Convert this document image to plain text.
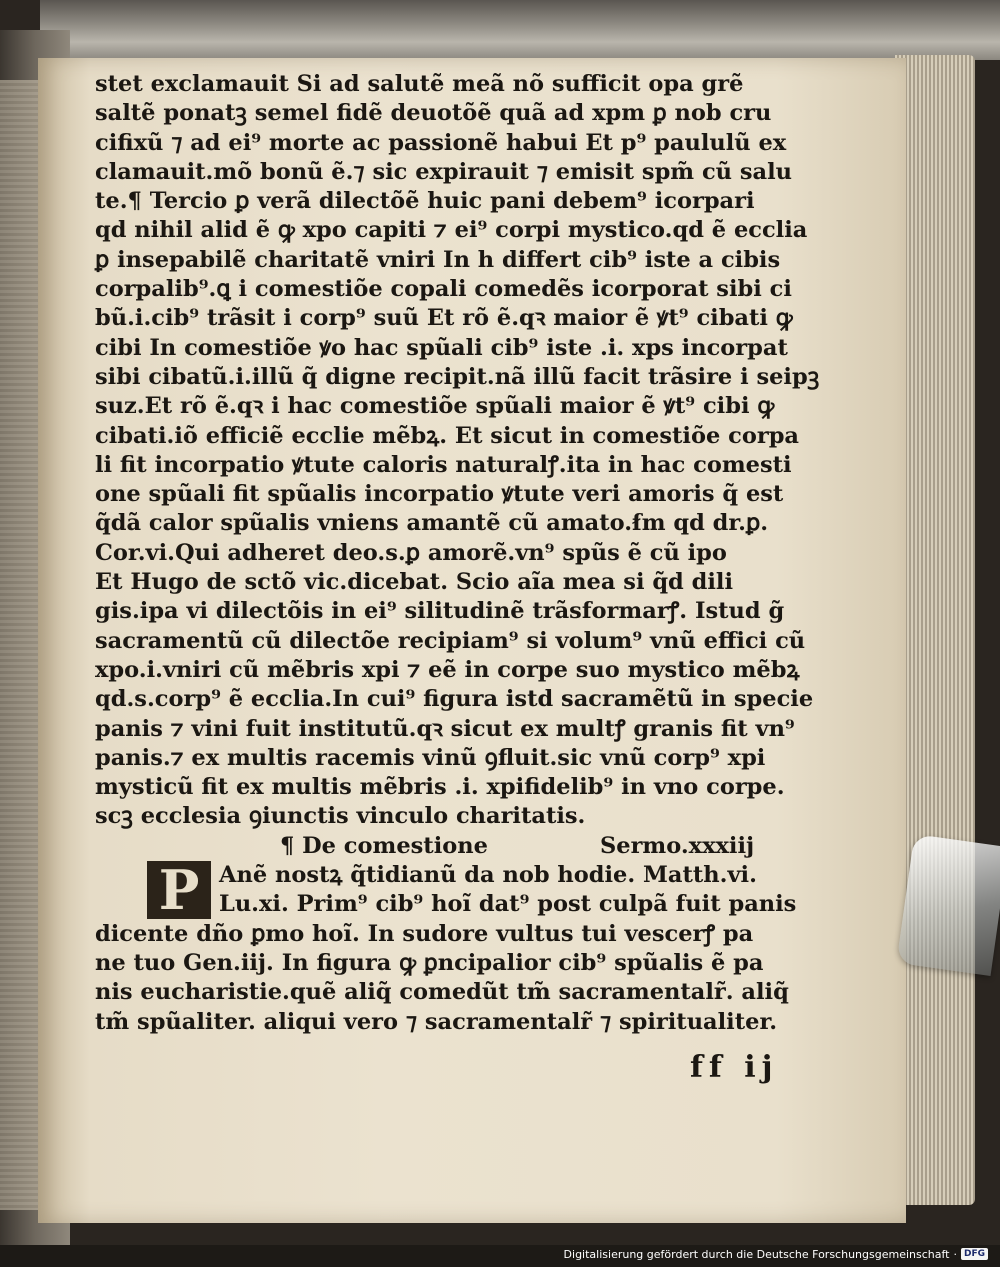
stet exclamauit Si ad salutẽ meã nõ sufficit opa grẽ
saltẽ ponatꝫ semel fidẽ deuotõẽ quã ad xpm ꝑ nob cru
cifixũ ⁊ ad ei⁹ morte ac passionẽ habui Et p⁹ paululũ ex
clamauit.mõ bonũ ẽ.⁊ sic expirauit ⁊ emisit spm̃ cũ salu
te.¶ Tercio ꝑ verã dilectõẽ huic pani debem⁹ icorpari
qd nihil alid ẽ ꝙ xpo capiti ⁊ ei⁹ corpi mystico.qd ẽ ecclia
ꝑ insepabilẽ charitatẽ vniri In h differt cib⁹ iste a cibis
corpalib⁹.ꝗ i comestiõe copali comedẽs icorporat sibi ci
bũ.i.cib⁹ trãsit i corp⁹ suũ Et rõ ẽ.qꝛ maior ẽ ꝟt⁹ cibati ꝙ
cibi In comestiõe ꝟo hac spũali cib⁹ iste .i. xps incorpat
sibi cibatũ.i.illũ q̃ digne recipit.nã illũ facit trãsire i seipꝫ
suz.Et rõ ẽ.qꝛ i hac comestiõe spũali maior ẽ ꝟt⁹ cibi ꝙ
cibati.iõ efficiẽ ecclie mẽbꝝ. Et sicut in comestiõe corpa
li fit incorpatio ꝟtute caloris naturalꝭ.ita in hac comesti
one spũali fit spũalis incorpatio ꝟtute veri amoris q̃ est
q̃dã calor spũalis vniens amantẽ cũ amato.ẜm qd dr.ꝑ.
Cor.vi.Qui adheret deo.s.ꝑ amorẽ.vn⁹ spũs ẽ cũ ipo
Et Hugo de sctõ vic.dicebat. Scio aĩa mea si q̃d dili
gis.ipa vi dilectõis in ei⁹ silitudinẽ trãsformarꝭ. Istud g̃
sacramentũ cũ dilectõe recipiam⁹ si volum⁹ vnũ effici cũ
xpo.i.vniri cũ mẽbris xpi ⁊ eẽ in corpe suo mystico mẽbꝝ
qd.s.corp⁹ ẽ ecclia.In cui⁹ figura istd sacramẽtũ in specie
panis ⁊ vini fuit institutũ.qꝛ sicut ex multꝭ granis fit vn⁹
panis.⁊ ex multis racemis vinũ ꝯfluit.sic vnũ corp⁹ xpi
mysticũ fit ex multis mẽbris .i. xpifidelib⁹ in vno corpe.
scꝫ ecclesia ꝯiunctis vinculo charitatis.
¶ De comestione	Sermo.xxxiij
P Anẽ nostꝝ q̃tidianũ da nob hodie. Matth.vi.
Lu.xi. Prim⁹ cib⁹ hoĩ dat⁹ post culpã fuit panis
dicente dño ꝑmo hoĩ. In sudore vultus tui vescerꝭ pa
ne tuo Gen.iij. In figura ꝙ ꝑncipalior cib⁹ spũalis ẽ pa
nis eucharistie.quẽ aliq̃ comedũt tm̃ sacramentalr̃. aliq̃
tm̃ spũaliter. aliqui vero ⁊ sacramentalr̃ ⁊ spiritualiter.
ff ij
Digitalisierung gefördert durch die Deutsche Forschungsgemeinschaft · DFG
